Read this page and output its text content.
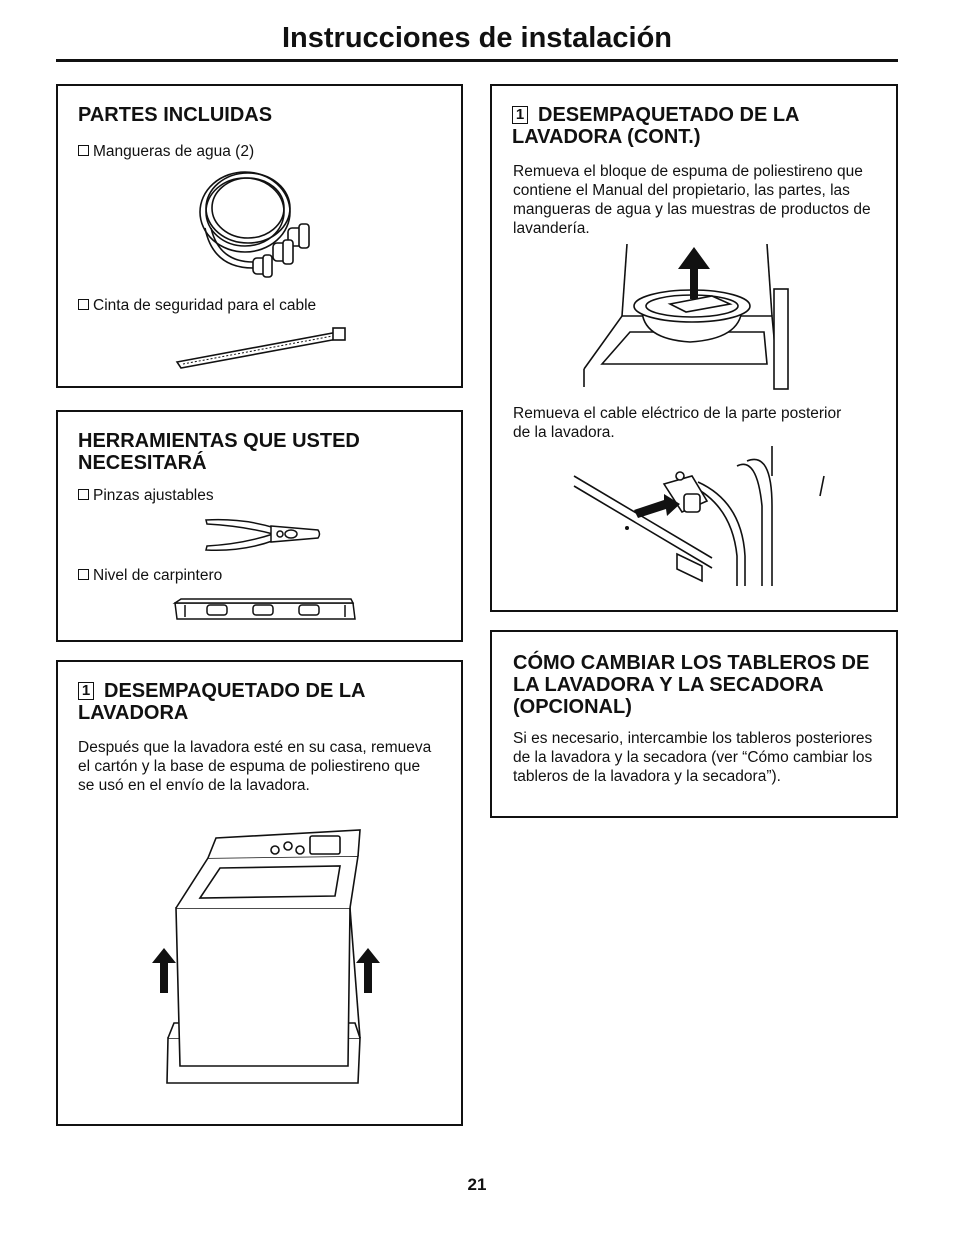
Instrucciones de instalación
PARTES INCLUIDAS
Mangueras de agua (2)
Cinta de seguridad para el cable
HERRAMIENTAS QUE USTED NECESITARÁ
Pinzas ajustables
Nivel de carpintero
1 DESEMPAQUETADO DE LA LAVADORA

Después que la lavadora esté en su casa, remueva el cartón y la base de espuma de poliestireno que se usó en el envío de la lavadora.

1 DESEMPAQUETADO DE LA LAVADORA (CONT.)

Remueva el bloque de espuma de poliestireno que contiene el Manual del propietario, las partes, las mangueras de agua y las muestras de productos de lavandería.

Remueva el cable eléctrico de la parte posterior de la lavadora.

CÓMO CAMBIAR LOS TABLEROS DE LA LAVADORA Y LA SECADORA (OPCIONAL)

Si es necesario, intercambie los tableros posteriores de la lavadora y la secadora (ver “Cómo cambiar los tableros de la lavadora y la secadora”).

21
